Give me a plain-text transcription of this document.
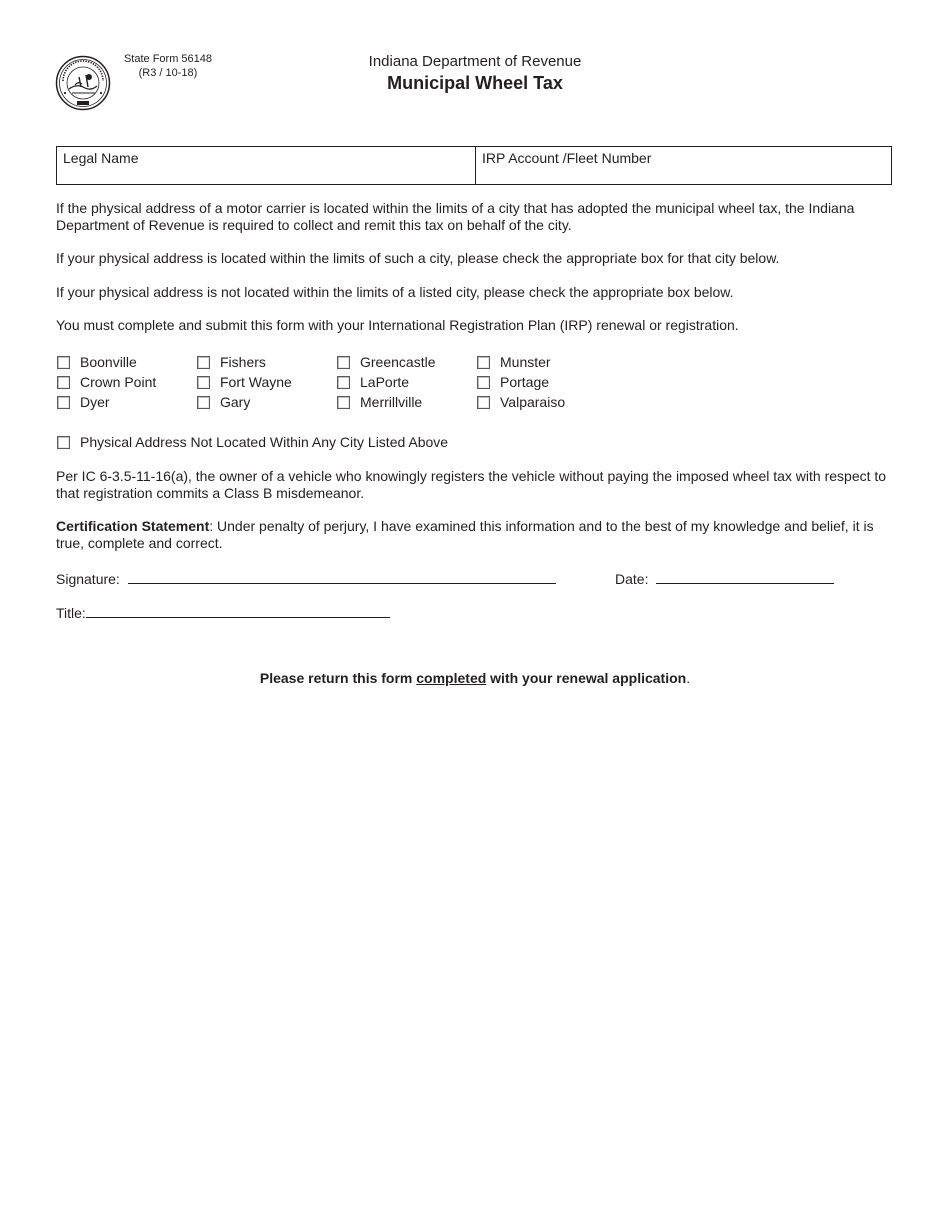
State Form 56148
(R3 / 10-18)
Indiana Department of Revenue
Municipal Wheel Tax
Legal Name	IRP Account /Fleet Number
If the physical address of a motor carrier is located within the limits of a city that has adopted the municipal wheel tax, the Indiana Department of Revenue is required to collect and remit this tax on behalf of the city.
If your physical address is located within the limits of such a city, please check the appropriate box for that city below.
If your physical address is not located within the limits of a listed city, please check the appropriate box below.
You must complete and submit this form with your International Registration Plan (IRP) renewal or registration.
Boonville
Crown Point
Dyer
Fishers
Fort Wayne
Gary
Greencastle
LaPorte
Merrillville
Munster
Portage
Valparaiso
Physical Address Not Located Within Any City Listed Above
Per IC 6-3.5-11-16(a), the owner of a vehicle who knowingly registers the vehicle without paying the imposed wheel tax with respect to that registration commits a Class B misdemeanor.
Certification Statement: Under penalty of perjury, I have examined this information and to the best of my knowledge and belief, it is true, complete and correct.
Signature:	Date:
Title:
Please return this form completed with your renewal application.
